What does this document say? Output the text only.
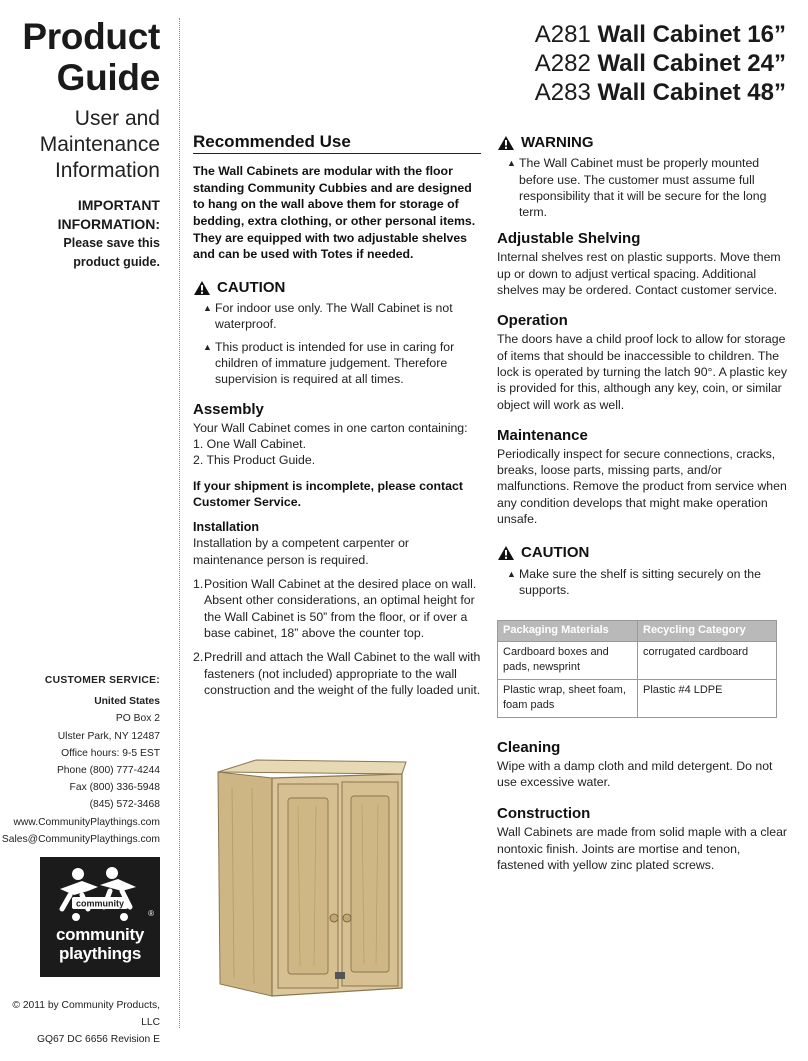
Product
Guide
User and
Maintenance
Information
IMPORTANT
INFORMATION:
Please save this
product guide.
CUSTOMER SERVICE:
United States
PO Box 2
Ulster Park, NY 12487
Office hours: 9-5 EST
Phone (800) 777-4244
Fax (800) 336-5948
(845) 572-3468
www.CommunityPlaythings.com
Sales@CommunityPlaythings.com
community
®
community
playthings
© 2011 by Community Products, LLC
GQ67 DC 6656 Revision E
A281 Wall Cabinet 16”
A282 Wall Cabinet 24”
A283 Wall Cabinet 48”
Recommended Use

The Wall Cabinets are modular with the floor standing Community Cubbies and are designed to hang on the wall above them for storage of bedding, extra clothing, or other personal items. They are equipped with two adjustable shelves and can be used with Totes if needed.

CAUTION
▲ For indoor use only. The Wall Cabinet is not waterproof.
▲ This product is intended for use in caring for children of immature judgement. Therefore supervision is required at all times.
Assembly
Your Wall Cabinet comes in one carton containing:
1. One Wall Cabinet.
2. This Product Guide.

If your shipment is incomplete, please contact Customer Service.

Installation

Installation by a competent carpenter or maintenance person is required.

1. Position Wall Cabinet at the desired place on wall. Absent other considerations, an optimal height for the Wall Cabinet is 50” from the floor, or if over a base cabinet, 18” above the counter top.
2. Predrill and attach the Wall Cabinet to the wall with fasteners (not included) appropriate to the wall construction and the weight of the fully loaded unit.
WARNING
▲ The Wall Cabinet must be properly mounted before use. The customer must assume full responsibility that it will be secure for the long term.
Adjustable Shelving

Internal shelves rest on plastic supports. Move them up or down to adjust vertical spacing. Additional shelves may be ordered. Contact customer service.

Operation

The doors have a child proof lock to allow for storage of items that should be inaccessible to children. The lock is operated by turning the latch 90°. A plastic key is provided for this, although any key, coin, or similar object will work as well.

Maintenance

Periodically inspect for secure connections, cracks, breaks, loose parts, missing parts, and/or malfunctions. Remove the product from service when any condition develops that might make operation unsafe.

CAUTION
▲ Make sure the shelf is sitting securely on the supports.
Packaging Materials	Recycling Category
Cardboard boxes and pads, newsprint	corrugated cardboard
Plastic wrap, sheet foam, foam pads	Plastic #4 LDPE
Cleaning

Wipe with a damp cloth and mild detergent. Do not use excessive water.

Construction

Wall Cabinets are made from solid maple with a clear nontoxic finish. Joints are mortise and tenon, fastened with yellow zinc plated screws.
